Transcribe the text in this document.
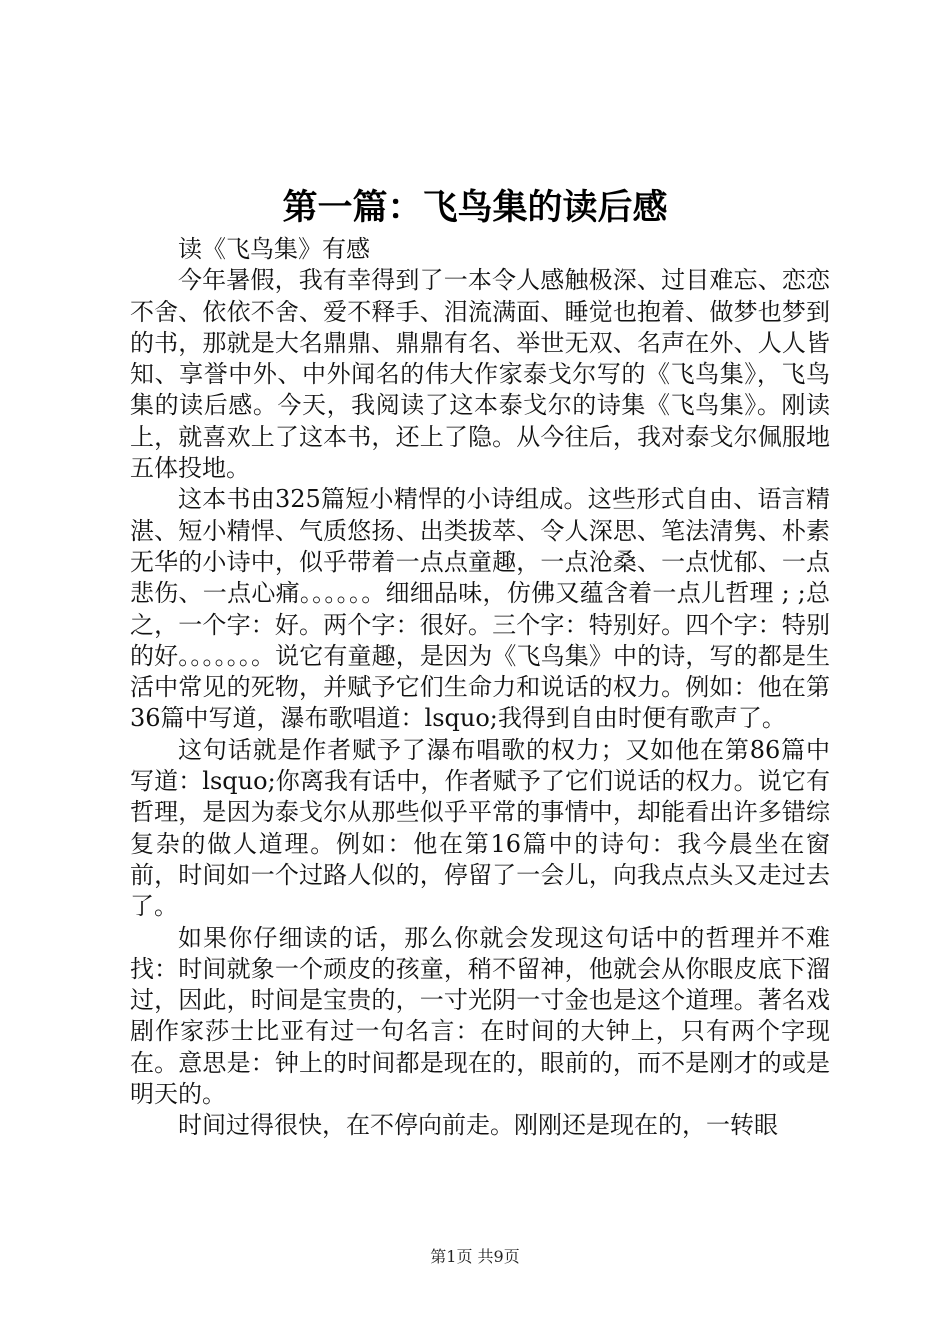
第一篇：飞鸟集的读后感

读《飞鸟集》有感

今年暑假，我有幸得到了一本令人感触极深、过目难忘、恋恋不舍、依依不舍、爱不释手、泪流满面、睡觉也抱着、做梦也梦到的书，那就是大名鼎鼎、鼎鼎有名、举世无双、名声在外、人人皆知、享誉中外、中外闻名的伟大作家泰戈尔写的《飞鸟集》，飞鸟集的读后感。今天，我阅读了这本泰戈尔的诗集《飞鸟集》。刚读上，就喜欢上了这本书，还上了隐。从今往后，我对泰戈尔佩服地五体投地。

这本书由325篇短小精悍的小诗组成。这些形式自由、语言精湛、短小精悍、气质悠扬、出类拔萃、令人深思、笔法清隽、朴素无华的小诗中，似乎带着一点点童趣，一点沧桑、一点忧郁、一点悲伤、一点心痛。。。。。。细细品味，仿佛又蕴含着一点儿哲理 ; ;总之，一个字：好。两个字：很好。三个字：特别好。四个字：特别的好。。。。。。。说它有童趣，是因为《飞鸟集》中的诗，写的都是生活中常见的死物，并赋予它们生命力和说话的权力。例如：他在第36篇中写道，瀑布歌唱道：lsquo;我得到自由时便有歌声了。

这句话就是作者赋予了瀑布唱歌的权力；又如他在第86篇中写道：lsquo;你离我有话中，作者赋予了它们说话的权力。说它有哲理，是因为泰戈尔从那些似乎平常的事情中，却能看出许多错综复杂的做人道理。例如：他在第16篇中的诗句：我今晨坐在窗前，时间如一个过路人似的，停留了一会儿，向我点点头又走过去了。

如果你仔细读的话，那么你就会发现这句话中的哲理并不难找：时间就象一个顽皮的孩童，稍不留神，他就会从你眼皮底下溜过，因此，时间是宝贵的，一寸光阴一寸金也是这个道理。著名戏剧作家莎士比亚有过一句名言：在时间的大钟上，只有两个字现在。意思是：钟上的时间都是现在的，眼前的，而不是刚才的或是明天的。

时间过得很快，在不停向前走。刚刚还是现在的，一转眼

第1页 共9页
